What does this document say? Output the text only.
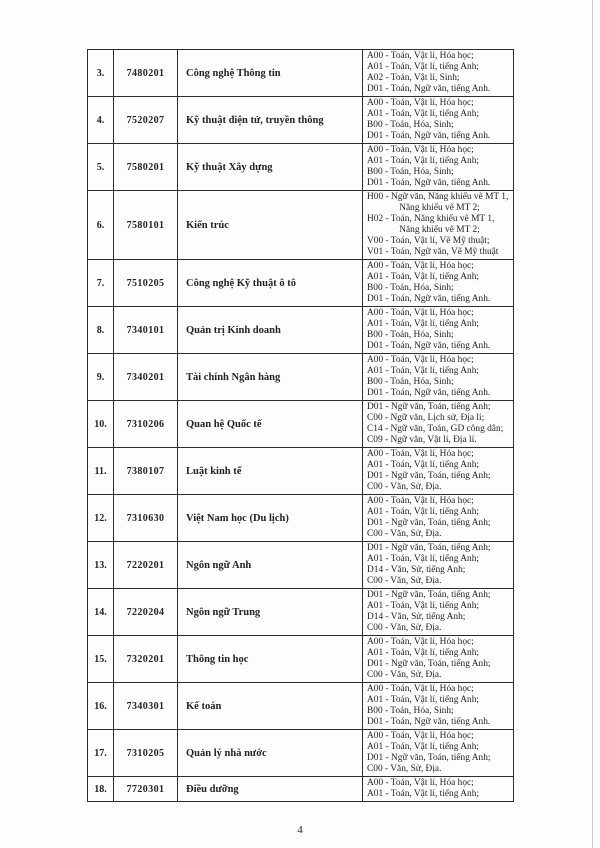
3.	7480201	Công nghệ Thông tin	A00 - Toán, Vật lí, Hóa học;
A01 - Toán, Vật lí, tiếng Anh;
A02 - Toán, Vật lí, Sinh;
D01 - Toán, Ngữ văn, tiếng Anh.

4.	7520207	Kỹ thuật điện tử, truyền thông	A00 - Toán, Vật lí, Hóa học;
A01 - Toán, Vật lí, tiếng Anh;
B00 - Toán, Hóa, Sinh;
D01 - Toán, Ngữ văn, tiếng Anh.

5.	7580201	Kỹ thuật Xây dựng	A00 - Toán, Vật lí, Hóa học;
A01 - Toán, Vật lí, tiếng Anh;
B00 - Toán, Hóa, Sinh;
D01 - Toán, Ngữ văn, tiếng Anh.

6.	7580101	Kiến trúc	
H00 - Ngữ văn, Năng khiếu vẽ MT 1,
Năng khiếu vẽ MT 2;
H02 - Toán, Năng khiếu vẽ MT 1,
Năng khiếu vẽ MT 2;
V00 - Toán, Vật lí, Vẽ Mỹ thuật;
V01 - Toán, Ngữ văn, Vẽ Mỹ thuật

7.	7510205	Công nghệ Kỹ thuật ô tô	A00 - Toán, Vật lí, Hóa học;
A01 - Toán, Vật lí, tiếng Anh;
B00 - Toán, Hóa, Sinh;
D01 - Toán, Ngữ văn, tiếng Anh.

8.	7340101	Quản trị Kinh doanh	A00 - Toán, Vật lí, Hóa học;
A01 - Toán, Vật lí, tiếng Anh;
B00 - Toán, Hóa, Sinh;
D01 - Toán, Ngữ văn, tiếng Anh.

9.	7340201	Tài chính Ngân hàng	A00 - Toán, Vật lí, Hóa học;
A01 - Toán, Vật lí, tiếng Anh;
B00 - Toán, Hóa, Sinh;
D01 - Toán, Ngữ văn, tiếng Anh.

10.	7310206	Quan hệ Quốc tế	D01 - Ngữ văn, Toán, tiếng Anh;
C00 - Ngữ văn, Lịch sử, Địa lí;
C14 - Ngữ văn, Toán, GD công dân;
C09 - Ngữ văn, Vật lí, Địa lí.

11.	7380107	Luật kinh tế	A00 - Toán, Vật lí, Hóa học;
A01 - Toán, Vật lí, tiếng Anh;
D01 - Ngữ văn, Toán, tiếng Anh;
C00 - Văn, Sử, Địa.

12.	7310630	Việt Nam học (Du lịch)	A00 - Toán, Vật lí, Hóa học;
A01 - Toán, Vật lí, tiếng Anh;
D01 - Ngữ văn, Toán, tiếng Anh;
C00 - Văn, Sử, Địa.

13.	7220201	Ngôn ngữ Anh	D01 - Ngữ văn, Toán, tiếng Anh;
A01 - Toán, Vật lí, tiếng Anh;
D14 - Văn, Sử, tiếng Anh;
C00 - Văn, Sử, Địa.

14.	7220204	Ngôn ngữ Trung	D01 - Ngữ văn, Toán, tiếng Anh;
A01 - Toán, Vật lí, tiếng Anh;
D14 - Văn, Sử, tiếng Anh;
C00 - Văn, Sử, Địa.

15.	7320201	Thông tin học	A00 - Toán, Vật lí, Hóa học;
A01 - Toán, Vật lí, tiếng Anh;
D01 - Ngữ văn, Toán, tiếng Anh;
C00 - Văn, Sử, Địa.

16.	7340301	Kế toán	A00 - Toán, Vật lí, Hóa học;
A01 - Toán, Vật lí, tiếng Anh;
B00 - Toán, Hóa, Sinh;
D01 - Toán, Ngữ văn, tiếng Anh.

17.	7310205	Quản lý nhà nước	A00 - Toán, Vật lí, Hóa học;
A01 - Toán, Vật lí, tiếng Anh;
D01 - Ngữ văn, Toán, tiếng Anh;
C00 - Văn, Sử, Địa.

18.	7720301	Điều dưỡng	A00 - Toán, Vật lí, Hóa học;
A01 - Toán, Vật lí, tiếng Anh;
4
